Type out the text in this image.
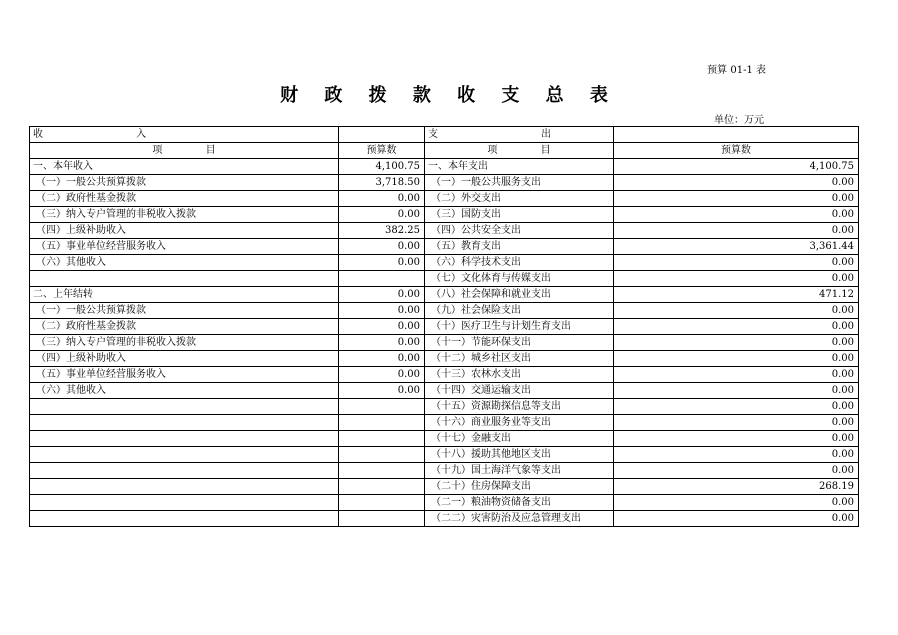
预算 01-1 表
财 政 拨 款 收 支 总 表
单位：万元
收 入		支 出	
项 目	预算数	项 目	预算数
一、本年收入	4,100.75	一、本年支出	4,100.75
（一）一般公共预算拨款	3,718.50	（一）一般公共服务支出	0.00
（二）政府性基金拨款	0.00	（二）外交支出	0.00
（三）纳入专户管理的非税收入拨款	0.00	（三）国防支出	0.00
（四）上级补助收入	382.25	（四）公共安全支出	0.00
（五）事业单位经营服务收入	0.00	（五）教育支出	3,361.44
（六）其他收入	0.00	（六）科学技术支出	0.00
		（七）文化体育与传媒支出	0.00
二、上年结转	0.00	（八）社会保障和就业支出	471.12
（一）一般公共预算拨款	0.00	（九）社会保险支出	0.00
（二）政府性基金拨款	0.00	（十）医疗卫生与计划生育支出	0.00
（三）纳入专户管理的非税收入拨款	0.00	（十一）节能环保支出	0.00
（四）上级补助收入	0.00	（十二）城乡社区支出	0.00
（五）事业单位经营服务收入	0.00	（十三）农林水支出	0.00
（六）其他收入	0.00	（十四）交通运输支出	0.00
		（十五）资源勘探信息等支出	0.00
		（十六）商业服务业等支出	0.00
		（十七）金融支出	0.00
		（十八）援助其他地区支出	0.00
		（十九）国土海洋气象等支出	0.00
		（二十）住房保障支出	268.19
		（二一）粮油物资储备支出	0.00
		（二二）灾害防治及应急管理支出	0.00
